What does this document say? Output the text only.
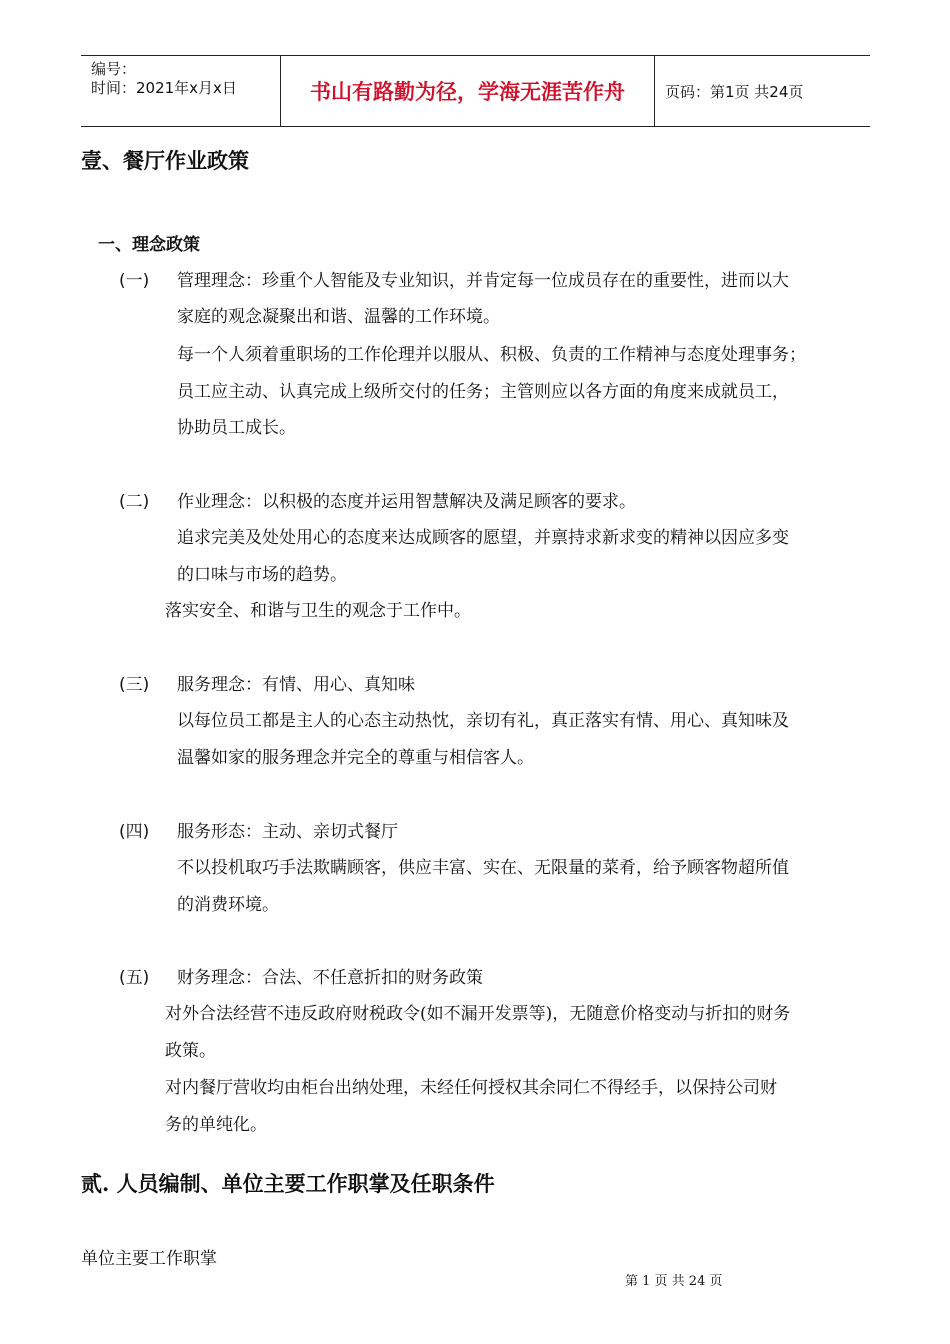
编号：
时间：2021年x月x日	书山有路勤为径，学海无涯苦作舟	页码：第1页 共24页
壹、餐厅作业政策
一、理念政策
(一) 管理理念：珍重个人智能及专业知识，并肯定每一位成员存在的重要性，进而以大
家庭的观念凝聚出和谐、温馨的工作环境。
每一个人须着重职场的工作伦理并以服从、积极、负责的工作精神与态度处理事务；
员工应主动、认真完成上级所交付的任务；主管则应以各方面的角度来成就员工，
协助员工成长。
(二) 作业理念：以积极的态度并运用智慧解决及满足顾客的要求。
追求完美及处处用心的态度来达成顾客的愿望，并禀持求新求变的精神以因应多变
的口味与市场的趋势。
落实安全、和谐与卫生的观念于工作中。
(三) 服务理念：有情、用心、真知味
以每位员工都是主人的心态主动热忱，亲切有礼，真正落实有情、用心、真知味及
温馨如家的服务理念并完全的尊重与相信客人。
(四) 服务形态：主动、亲切式餐厅
不以投机取巧手法欺瞒顾客，供应丰富、实在、无限量的菜肴，给予顾客物超所值
的消费环境。
(五) 财务理念：合法、不任意折扣的财务政策
对外合法经营不违反政府财税政令(如不漏开发票等)，无随意价格变动与折扣的财务
政策。
对内餐厅营收均由柜台出纳处理，未经任何授权其余同仁不得经手，以保持公司财
务的单纯化。
贰. 人员编制、单位主要工作职掌及任职条件
单位主要工作职掌
第 1 页 共 24 页
